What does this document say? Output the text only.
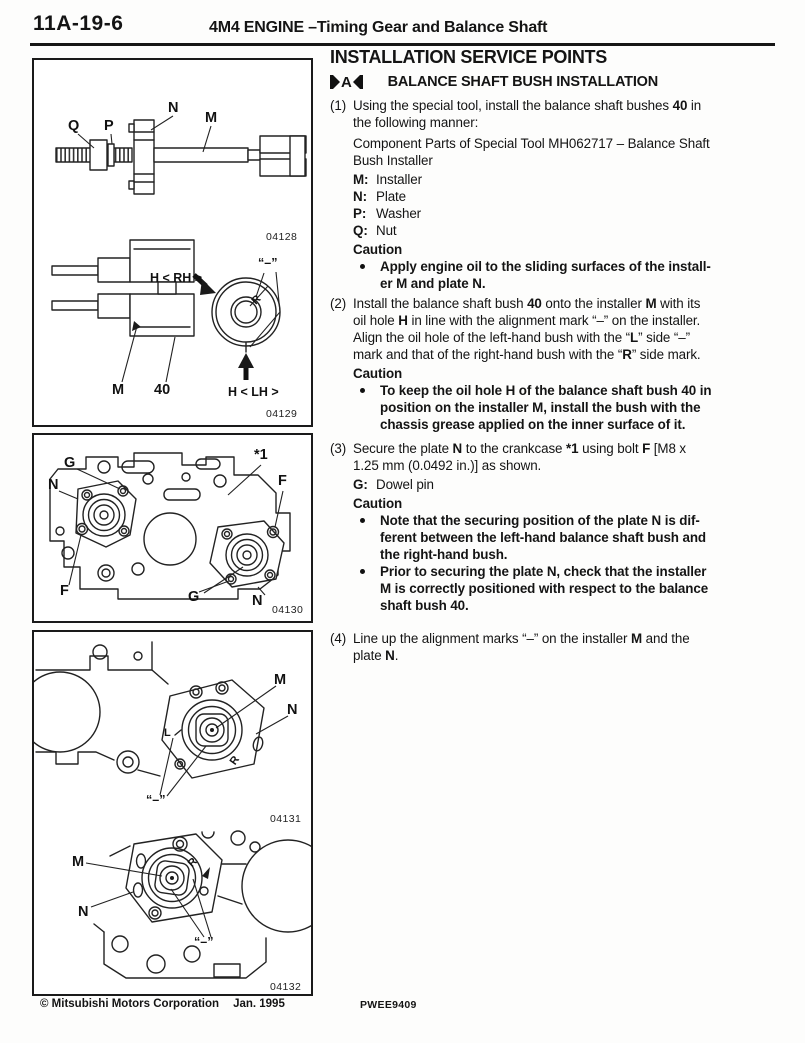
11A-19-6	4M4 ENGINE –Timing Gear and Balance Shaft
Q P
N
M
04128
H < RH >
“–”
R
M 40	H < LH >
04129
G
N
*1
F
F	G	N
04130
M
N
L
R
“–”
04131
M
N
R
“–”
04132
INSTALLATION SERVICE POINTS
A BALANCE SHAFT BUSH INSTALLATION
(1) Using the special tool, install the balance shaft bushes 40 in
the following manner:
Component Parts of Special Tool MH062717 – Balance Shaft
Bush Installer
M: Installer
N: Plate
P: Washer
Q: Nut
Caution
Apply engine oil to the sliding surfaces of the install-
er M and plate N.
(2) Install the balance shaft bush 40 onto the installer M with its
oil hole H in line with the alignment mark “–” on the installer.
Align the oil hole of the left-hand bush with the “L” side “–”
mark and that of the right-hand bush with the “R” side mark.
Caution
To keep the oil hole H of the balance shaft bush 40 in
position on the installer M, install the bush with the
chassis grease applied on the inner surface of it.
(3) Secure the plate N to the crankcase *1 using bolt F [M8 x
1.25 mm (0.0492 in.)] as shown.
G: Dowel pin
Caution
Note that the securing position of the plate N is dif-
ferent between the left-hand balance shaft bush and
the right-hand bush.
Prior to securing the plate N, check that the installer
M is correctly positioned with respect to the balance
shaft bush 40.
(4) Line up the alignment marks “–” on the installer M and the
plate N.
© Mitsubishi Motors Corporation Jan. 1995	PWEE9409
